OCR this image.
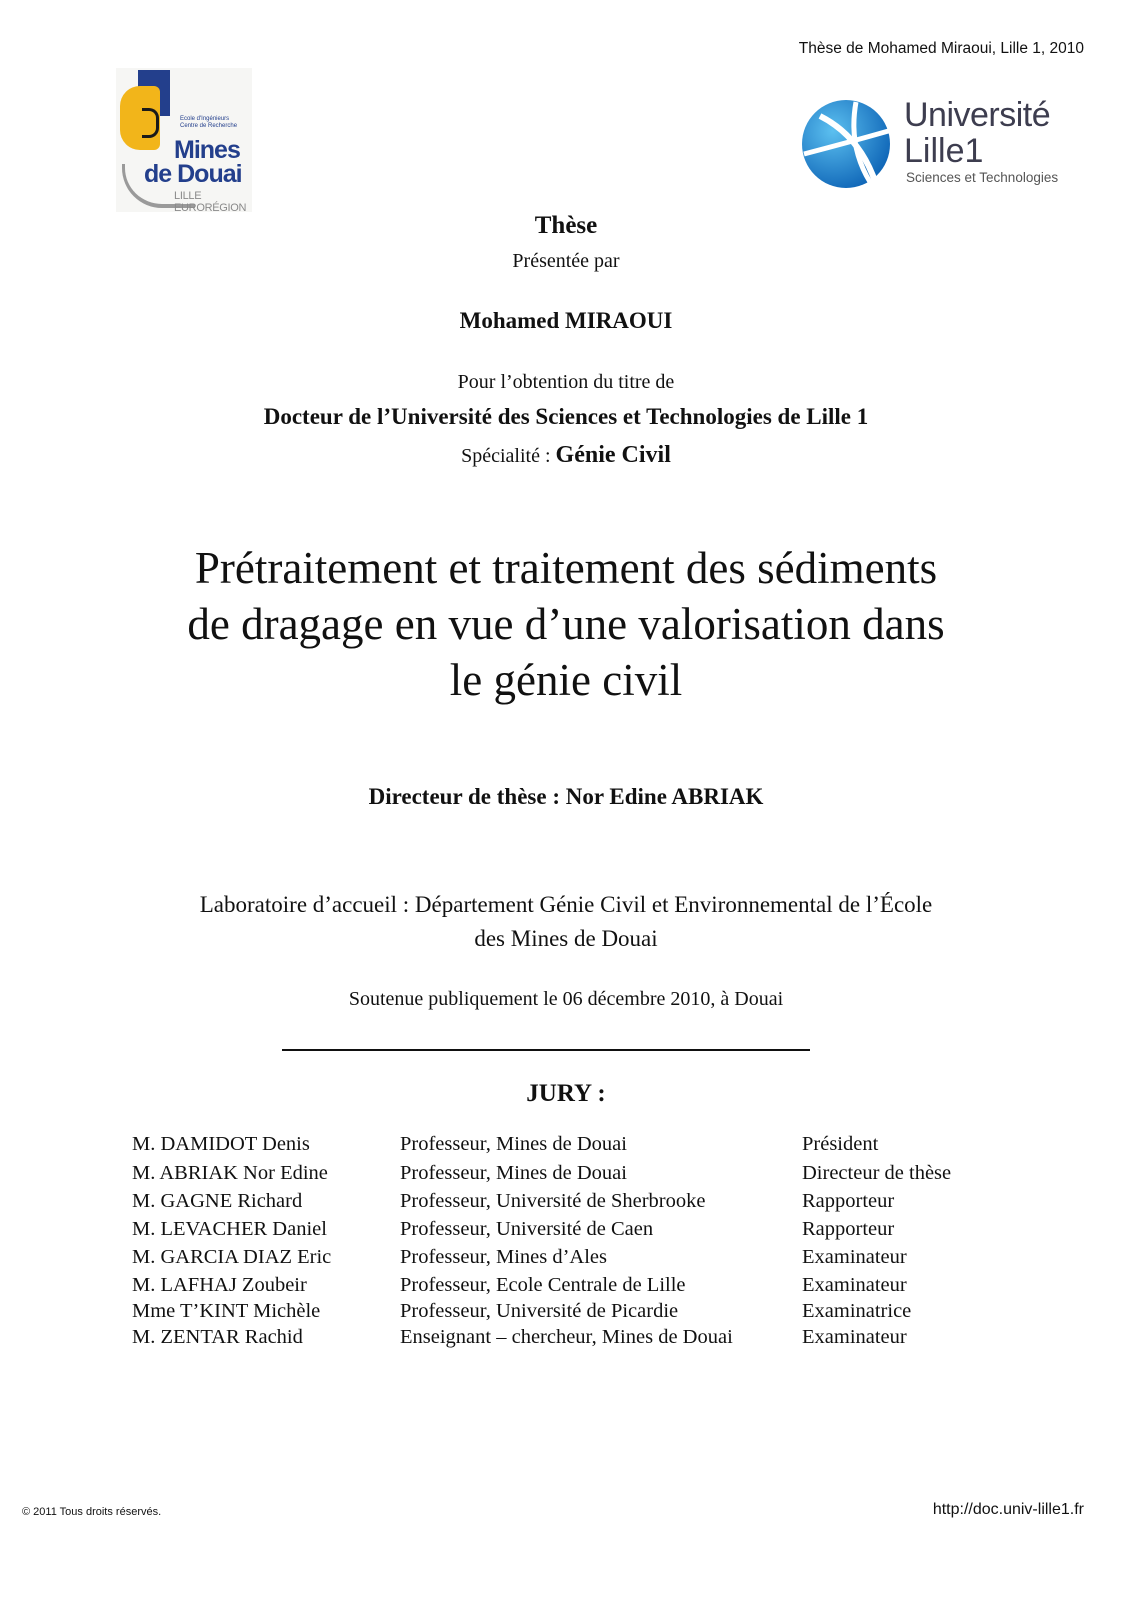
Thèse de Mohamed Miraoui, Lille 1, 2010
Ecole d'Ingénieurs
Centre de Recherche
Mines
de Douai
LILLE EURORÉGION
Université
Lille1
Sciences et Technologies
Thèse
Présentée par
Mohamed MIRAOUI
Pour l’obtention du titre de
Docteur de l’Université des Sciences et Technologies de Lille 1
Spécialité : Génie Civil
Prétraitement et traitement des sédiments
de dragage en vue d’une valorisation dans
le génie civil
Directeur de thèse : Nor Edine ABRIAK
Laboratoire d’accueil : Département Génie Civil et Environnemental de l’École
des Mines de Douai
Soutenue publiquement le 06 décembre 2010, à Douai
JURY :
M. DAMIDOT Denis	Professeur, Mines de Douai	Président
M. ABRIAK Nor Edine	Professeur, Mines de Douai	Directeur de thèse
M. GAGNE Richard	Professeur, Université de Sherbrooke	Rapporteur
M. LEVACHER Daniel	Professeur, Université de Caen	Rapporteur
M. GARCIA DIAZ Eric	Professeur, Mines d’Ales	Examinateur
M. LAFHAJ Zoubeir	Professeur, Ecole Centrale de Lille	Examinateur
Mme T’KINT Michèle	Professeur, Université de Picardie	Examinatrice
M. ZENTAR Rachid	Enseignant – chercheur, Mines de Douai	Examinateur
© 2011 Tous droits réservés.	http://doc.univ-lille1.fr
